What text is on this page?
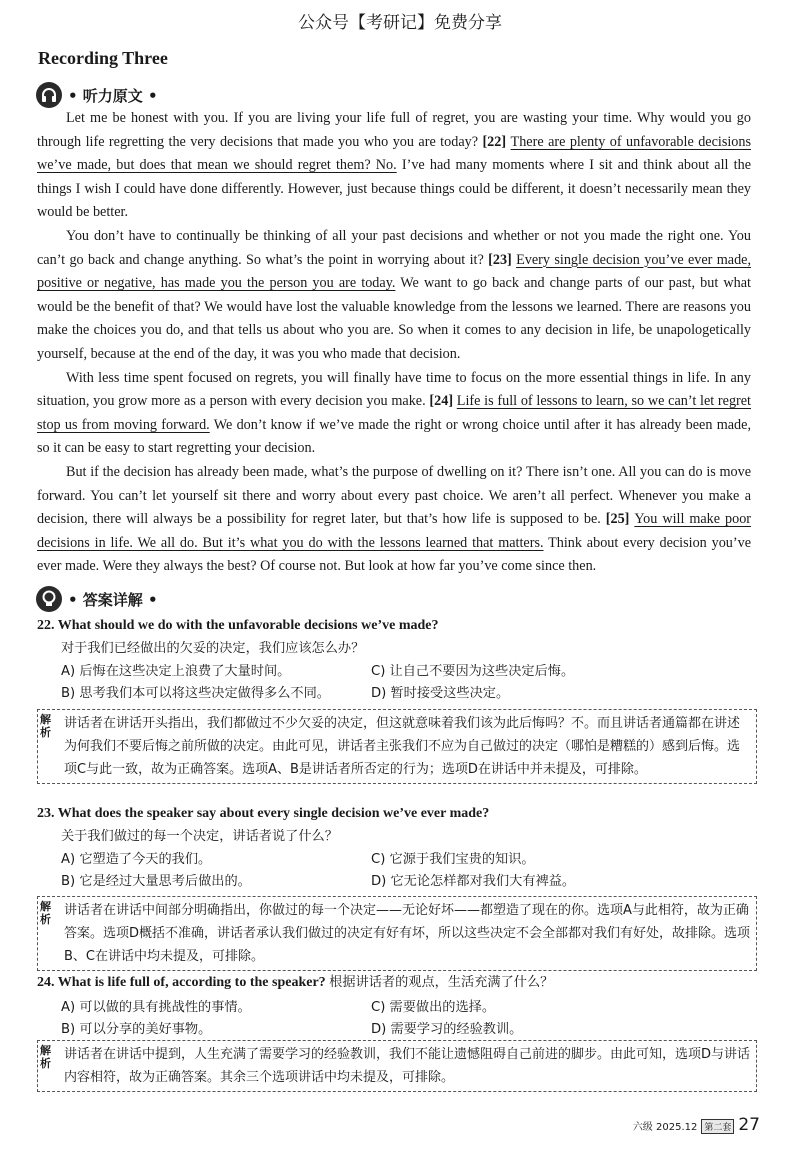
公众号【考研记】免费分享
Recording Three
• 听力原文 •

Let me be honest with you. If you are living your life full of regret, you are wasting your time. Why would you go through life regretting the very decisions that made you who you are today? [22] There are plenty of unfavorable decisions we’ve made, but does that mean we should regret them? No. I’ve had many moments where I sit and think about all the things I wish I could have done differently. However, just because things could be different, it doesn’t necessarily mean they would be better.

You don’t have to continually be thinking of all your past decisions and whether or not you made the right one. You can’t go back and change anything. So what’s the point in worrying about it? [23] Every single decision you’ve ever made, positive or negative, has made you the person you are today. We want to go back and change parts of our past, but what would be the benefit of that? We would have lost the valuable knowledge from the lessons we learned. There are reasons you make the choices you do, and that tells us about who you are. So when it comes to any decision in life, be unapologetically yourself, because at the end of the day, it was you who made that decision.

With less time spent focused on regrets, you will finally have time to focus on the more essential things in life. In any situation, you grow more as a person with every decision you make. [24] Life is full of lessons to learn, so we can’t let regret stop us from moving forward. We don’t know if we’ve made the right or wrong choice until after it has already been made, so it can be easy to start regretting your decision.

But if the decision has already been made, what’s the purpose of dwelling on it? There isn’t one. All you can do is move forward. You can’t let yourself sit there and worry about every past choice. We aren’t all perfect. Whenever you make a decision, there will always be a possibility for regret later, but that’s how life is supposed to be. [25] You will make poor decisions in life. We all do. But it’s what you do with the lessons learned that matters. Think about every decision you’ve ever made. Were they always the best? Of course not. But look at how far you’ve come since then.

• 答案详解 •
22. What should we do with the unfavorable decisions we’ve made?
对于我们已经做出的欠妥的决定，我们应该怎么办？
A) 后悔在这些决定上浪费了大量时间。	C) 让自己不要因为这些决定后悔。
B) 思考我们本可以将这些决定做得多么不同。	D) 暂时接受这些决定。
解析
讲话者在讲话开头指出，我们都做过不少欠妥的决定，但这就意味着我们该为此后悔吗？不。而且讲话者通篇都在讲述为何我们不要后悔之前所做的决定。由此可见，讲话者主张我们不应为自己做过的决定（哪怕是糟糕的）感到后悔。选项C与此一致，故为正确答案。选项A、B是讲话者所否定的行为；选项D在讲话中并未提及，可排除。
23. What does the speaker say about every single decision we’ve ever made?
关于我们做过的每一个决定，讲话者说了什么？
A) 它塑造了今天的我们。	C) 它源于我们宝贵的知识。
B) 它是经过大量思考后做出的。	D) 它无论怎样都对我们大有裨益。
解析
讲话者在讲话中间部分明确指出，你做过的每一个决定——无论好坏——都塑造了现在的你。选项A与此相符，故为正确答案。选项D概括不准确，讲话者承认我们做过的决定有好有坏，所以这些决定不会全部都对我们有好处，故排除。选项B、C在讲话中均未提及，可排除。
24. What is life full of, according to the speaker? 根据讲话者的观点，生活充满了什么？
A) 可以做的具有挑战性的事情。	C) 需要做出的选择。
B) 可以分享的美好事物。	D) 需要学习的经验教训。
解析
讲话者在讲话中提到，人生充满了需要学习的经验教训，我们不能让遗憾阻碍自己前进的脚步。由此可知，选项D与讲话内容相符，故为正确答案。其余三个选项讲话中均未提及，可排除。
六级 2025.12 第二套 27
